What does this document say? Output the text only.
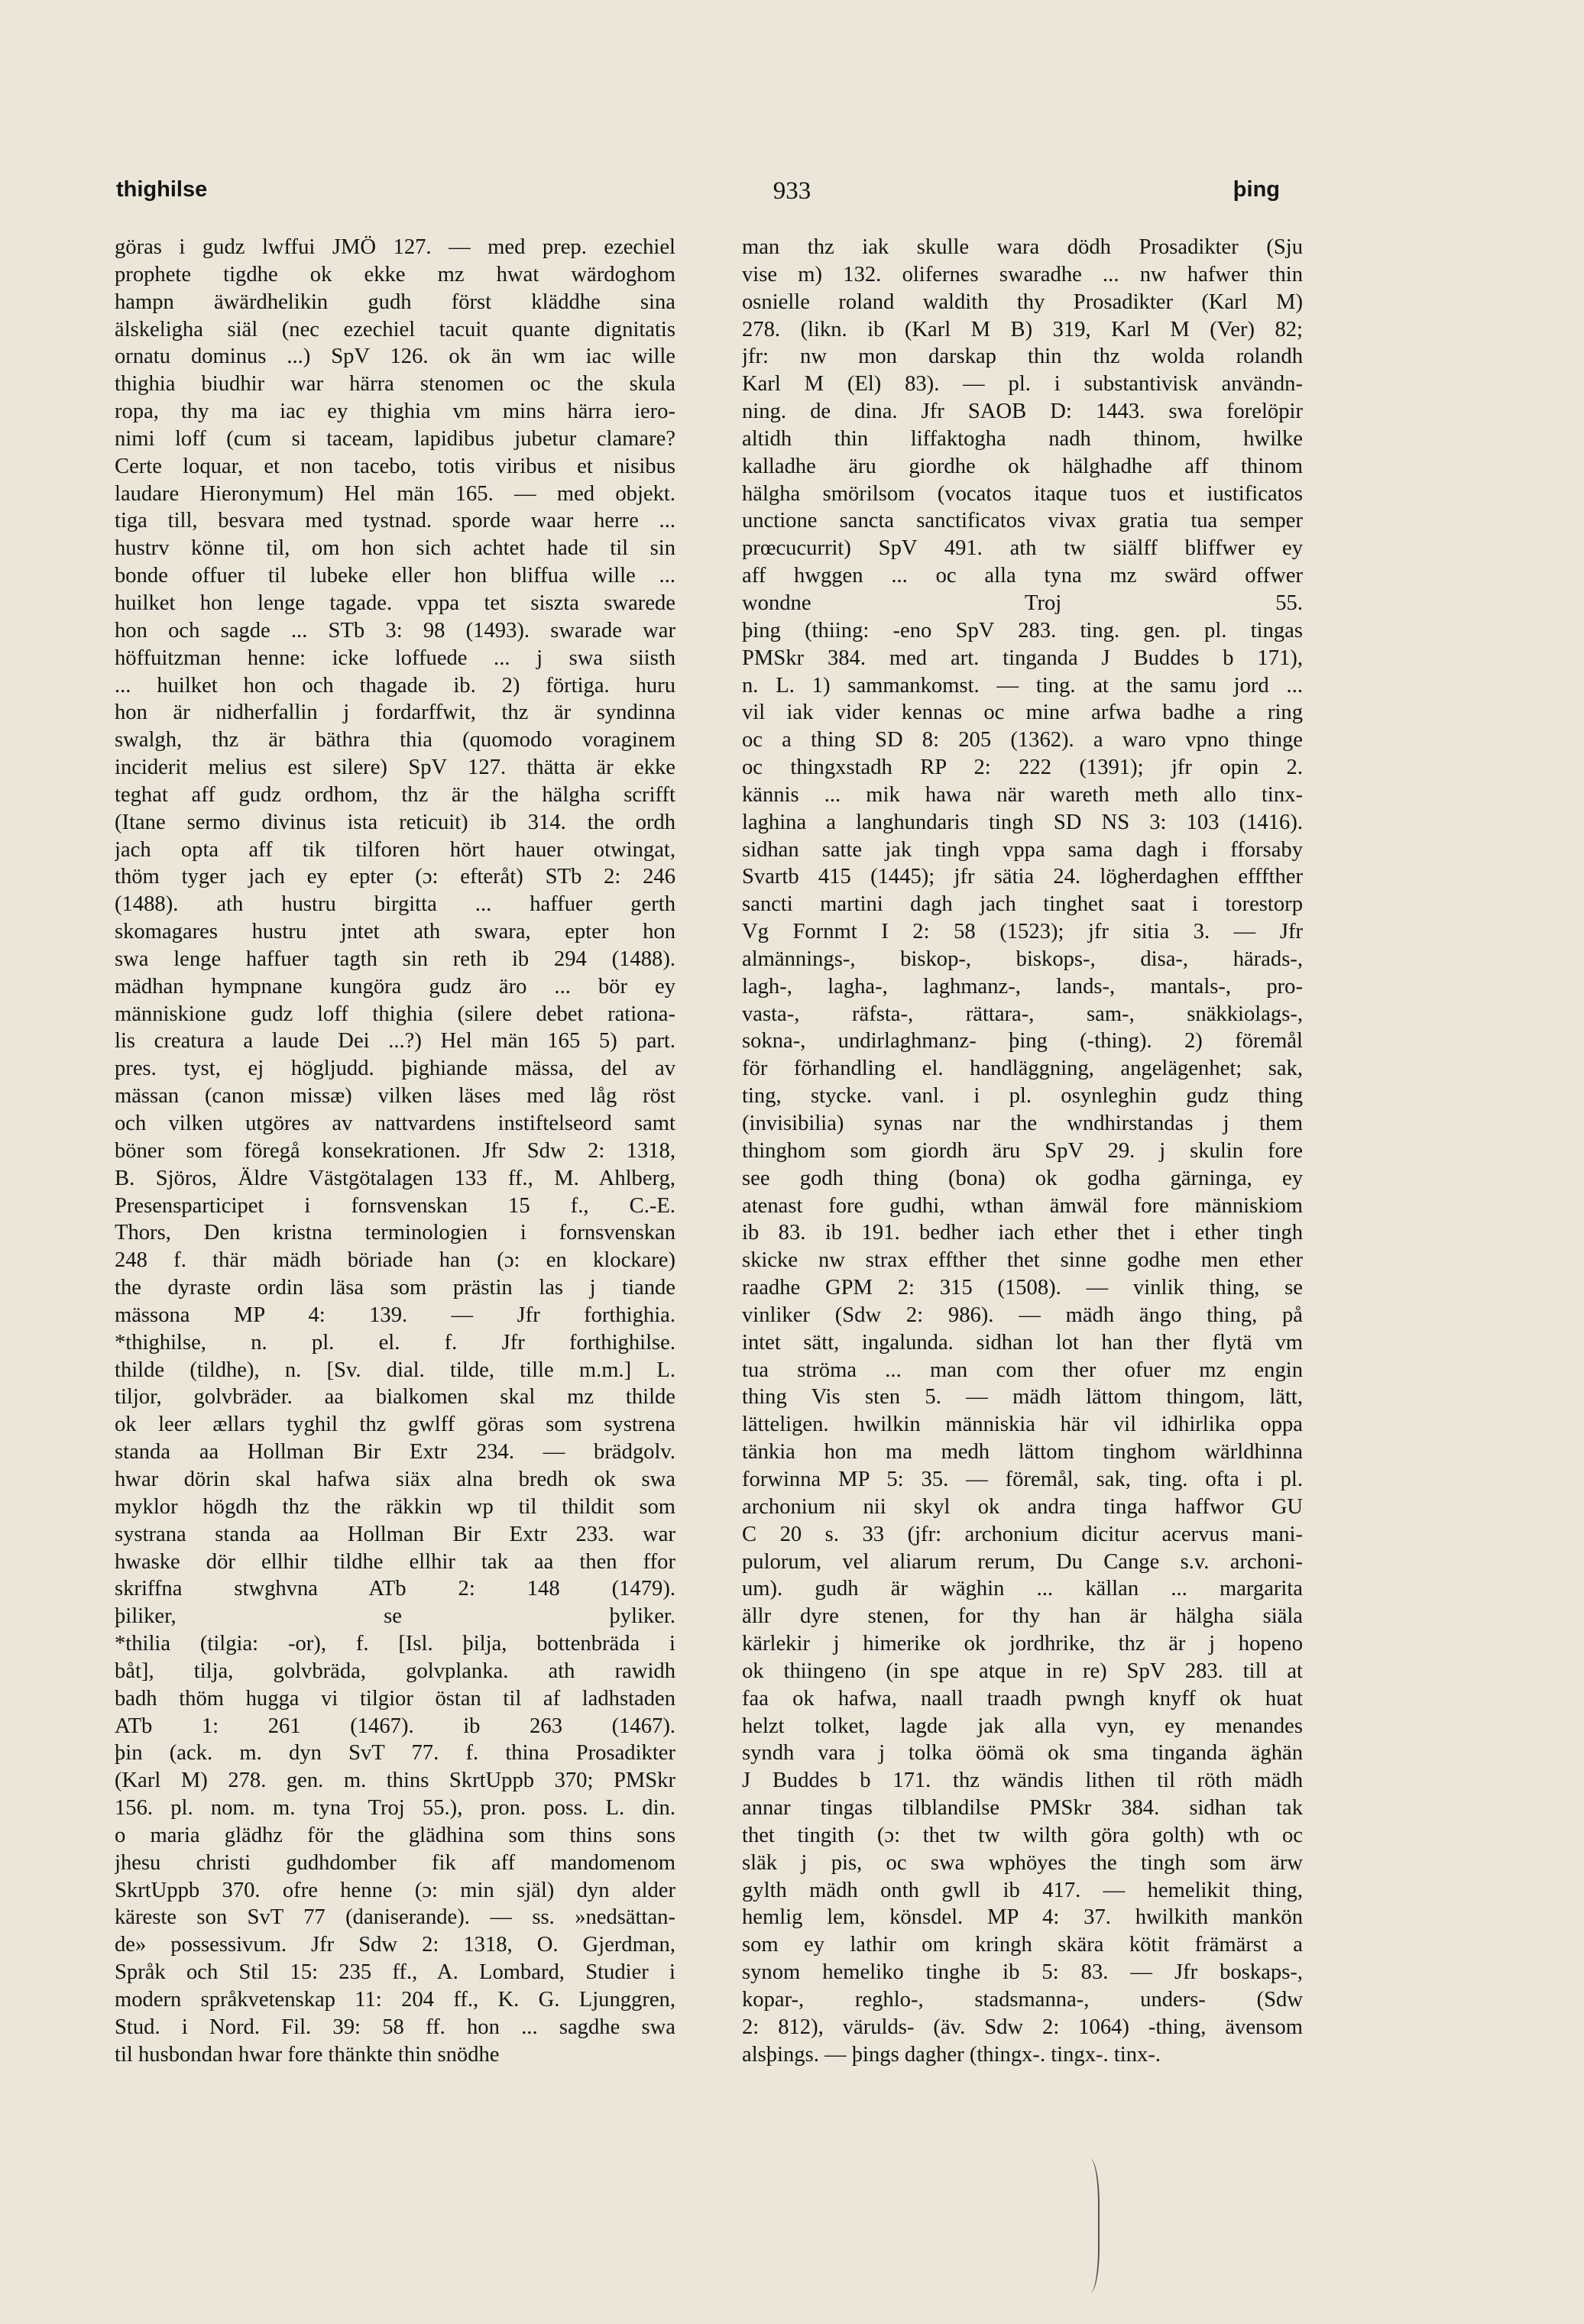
thighilse	933	þing

göras i gudz lwffui JMÖ 127. — med prep. ezechiel

prophete tigdhe ok ekke mz hwat wärdoghom

hampn äwärdhelikin gudh först kläddhe sina

älskeligha siäl (nec ezechiel tacuit quante dignitatis

ornatu dominus ...) SpV 126. ok än wm iac wille

thighia biudhir war härra stenomen oc the skula

ropa, thy ma iac ey thighia vm mins härra iero-

nimi loff (cum si taceam, lapidibus jubetur clamare?

Certe loquar, et non tacebo, totis viribus et nisibus

laudare Hieronymum) Hel män 165. — med objekt.

tiga till, besvara med tystnad. sporde waar herre ...

hustrv könne til, om hon sich achtet hade til sin

bonde offuer til lubeke eller hon bliffua wille ...

huilket hon lenge tagade. vppa tet siszta swarede

hon och sagde ... STb 3: 98 (1493). swarade war

höffuitzman henne: icke loffuede ... j swa siisth

... huilket hon och thagade ib. 2) förtiga. huru

hon är nidherfallin j fordarffwit, thz är syndinna

swalgh, thz är bäthra thia (quomodo voraginem

inciderit melius est silere) SpV 127. thätta är ekke

teghat aff gudz ordhom, thz är the hälgha scrifft

(Itane sermo divinus ista reticuit) ib 314. the ordh

jach opta aff tik tilforen hört hauer otwingat,

thöm tyger jach ey epter (ɔ: efteråt) STb 2: 246

(1488). ath hustru birgitta ... haffuer gerth

skomagares hustru jntet ath swara, epter hon

swa lenge haffuer tagth sin reth ib 294 (1488).

mädhan hympnane kungöra gudz äro ... bör ey

människione gudz loff thighia (silere debet rationa-

lis creatura a laude Dei ...?) Hel män 165 5) part.

pres. tyst, ej högljudd. þighiande mässa, del av

mässan (canon missæ) vilken läses med låg röst

och vilken utgöres av nattvardens instiftelseord samt

böner som föregå konsekrationen. Jfr Sdw 2: 1318,

B. Sjöros, Äldre Västgötalagen 133 ff., M. Ahlberg,

Presensparticipet i fornsvenskan 15 f., C.-E.

Thors, Den kristna terminologien i fornsvenskan

248 f. thär mädh böriade han (ɔ: en klockare)

the dyraste ordin läsa som prästin las j tiande

mässona MP 4: 139. — Jfr forthighia.

*thighilse, n. pl. el. f. Jfr forthighilse.

thilde (tildhe), n. [Sv. dial. tilde, tille m.m.] L.

tiljor, golvbräder. aa bialkomen skal mz thilde

ok leer ællars tyghil thz gwlff göras som systrena

standa aa Hollman Bir Extr 234. — brädgolv.

hwar dörin skal hafwa siäx alna bredh ok swa

myklor högdh thz the räkkin wp til thildit som

systrana standa aa Hollman Bir Extr 233. war

hwaske dör ellhir tildhe ellhir tak aa then ffor

skriffna stwghvna ATb 2: 148 (1479).

þiliker, se þyliker.

*thilia (tilgia: -or), f. [Isl. þilja, bottenbräda i

båt], tilja, golvbräda, golvplanka. ath rawidh

badh thöm hugga vi tilgior östan til af ladhstaden

ATb 1: 261 (1467). ib 263 (1467).

þin (ack. m. dyn SvT 77. f. thina Prosadikter

(Karl M) 278. gen. m. thins SkrtUppb 370; PMSkr

156. pl. nom. m. tyna Troj 55.), pron. poss. L. din.

o maria glädhz för the glädhina som thins sons

jhesu christi gudhdomber fik aff mandomenom

SkrtUppb 370. ofre henne (ɔ: min själ) dyn alder

käreste son SvT 77 (daniserande). — ss. »nedsättan-

de» possessivum. Jfr Sdw 2: 1318, O. Gjerdman,

Språk och Stil 15: 235 ff., A. Lombard, Studier i

modern språkvetenskap 11: 204 ff., K. G. Ljunggren,

Stud. i Nord. Fil. 39: 58 ff. hon ... sagdhe swa

til husbondan hwar fore thänkte thin snödhe

man thz iak skulle wara dödh Prosadikter (Sju

vise m) 132. olifernes swaradhe ... nw hafwer thin

osnielle roland waldith thy Prosadikter (Karl M)

278. (likn. ib (Karl M B) 319, Karl M (Ver) 82;

jfr: nw mon darskap thin thz wolda rolandh

Karl M (El) 83). — pl. i substantivisk användn-

ning. de dina. Jfr SAOB D: 1443. swa forelöpir

altidh thin liffaktogha nadh thinom, hwilke

kalladhe äru giordhe ok hälghadhe aff thinom

hälgha smörilsom (vocatos itaque tuos et iustificatos

unctione sancta sanctificatos vivax gratia tua semper

prœcucurrit) SpV 491. ath tw siälff bliffwer ey

aff hwggen ... oc alla tyna mz swärd offwer

wondne Troj 55.

þing (thiing: -eno SpV 283. ting. gen. pl. tingas

PMSkr 384. med art. tinganda J Buddes b 171),

n. L. 1) sammankomst. — ting. at the samu jord ...

vil iak vider kennas oc mine arfwa badhe a ring

oc a thing SD 8: 205 (1362). a waro vpno thinge

oc thingxstadh RP 2: 222 (1391); jfr opin 2.

kännis ... mik hawa när wareth meth allo tinx-

laghina a langhundaris tingh SD NS 3: 103 (1416).

sidhan satte jak tingh vppa sama dagh i fforsaby

Svartb 415 (1445); jfr sätia 24. lögherdaghen efffther

sancti martini dagh jach tinghet saat i torestorp

Vg Fornmt I 2: 58 (1523); jfr sitia 3. — Jfr

almännings-, biskop-, biskops-, disa-, härads-,

lagh-, lagha-, laghmanz-, lands-, mantals-, pro-

vasta-, räfsta-, rättara-, sam-, snäkkiolags-,

sokna-, undirlaghmanz- þing (-thing). 2) föremål

för förhandling el. handläggning, angelägenhet; sak,

ting, stycke. vanl. i pl. osynleghin gudz thing

(invisibilia) synas nar the wndhirstandas j them

thinghom som giordh äru SpV 29. j skulin fore

see godh thing (bona) ok godha gärninga, ey

atenast fore gudhi, wthan ämwäl fore människiom

ib 83. ib 191. bedher iach ether thet i ether tingh

skicke nw strax effther thet sinne godhe men ether

raadhe GPM 2: 315 (1508). — vinlik thing, se

vinliker (Sdw 2: 986). — mädh ängo thing, på

intet sätt, ingalunda. sidhan lot han ther flytä vm

tua ströma ... man com ther ofuer mz engin

thing Vis sten 5. — mädh lättom thingom, lätt,

lätteligen. hwilkin människia här vil idhirlika oppa

tänkia hon ma medh lättom tinghom wärldhinna

forwinna MP 5: 35. — föremål, sak, ting. ofta i pl.

archonium nii skyl ok andra tinga haffwor GU

C 20 s. 33 (jfr: archonium dicitur acervus mani-

pulorum, vel aliarum rerum, Du Cange s.v. archoni-

um). gudh är wäghin ... källan ... margarita

ällr dyre stenen, for thy han är hälgha siäla

kärlekir j himerike ok jordhrike, thz är j hopeno

ok thiingeno (in spe atque in re) SpV 283. till at

faa ok hafwa, naall traadh pwngh knyff ok huat

helzt tolket, lagde jak alla vyn, ey menandes

syndh vara j tolka öömä ok sma tinganda äghän

J Buddes b 171. thz wändis lithen til röth mädh

annar tingas tilblandilse PMSkr 384. sidhan tak

thet tingith (ɔ: thet tw wilth göra golth) wth oc

släk j pis, oc swa wphöyes the tingh som ärw

gylth mädh onth gwll ib 417. — hemelikit thing,

hemlig lem, könsdel. MP 4: 37. hwilkith mankön

som ey lathir om kringh skära kötit främärst a

synom hemeliko tinghe ib 5: 83. — Jfr boskaps-,

kopar-, reghlo-, stadsmanna-, unders- (Sdw

2: 812), värulds- (äv. Sdw 2: 1064) -thing, ävensom

alsþings. — þings dagher (thingx-. tingx-. tinx-.
